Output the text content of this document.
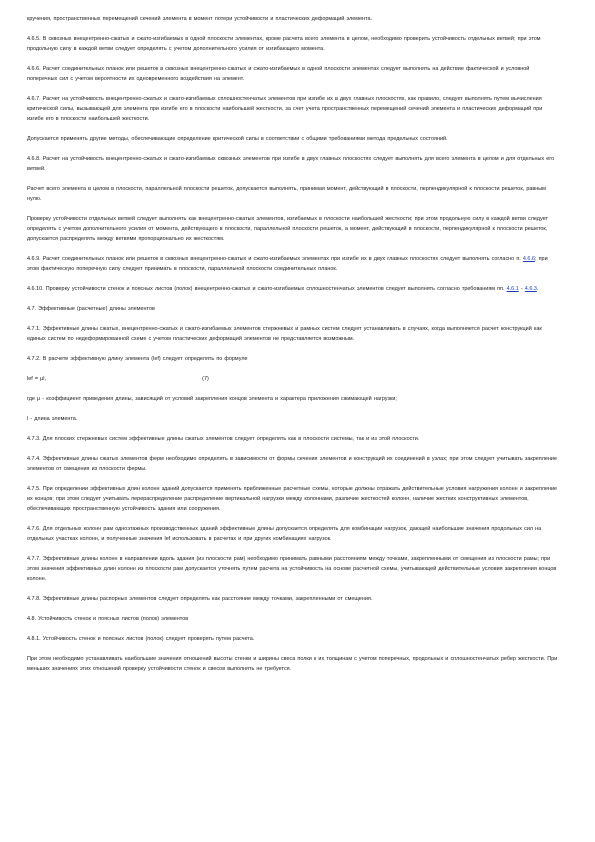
кручения, пространственных перемещений сечений элемента в момент потери устойчивости и пластических деформаций элемента.

4.6.5. В сквозных внецентренно-сжатых и сжато-изгибаемых в одной плоскости элементах, кроме расчета всего элемента в целом, необходимо проверить устойчивость отдельных ветвей; при этом продольную силу в каждой ветви следует определять с учетом дополнительного усилия от изгибающего момента.

4.6.6. Расчет соединительных планок или решеток в сквозных внецентренно-сжатых и сжато-изгибаемых в одной плоскости элементах следует выполнять на действие фактической и условной поперечных сил с учетом вероятности их одновременного воздействия на элемент.

4.6.7. Расчет на устойчивость внецентренно-сжатых и сжато-изгибаемых сплошностенчатых элементов при изгибе их в двух главных плоскостях, как правило, следует выполнять путем вычисления критической силы, вызывающей для элемента при изгибе его в плоскости наибольшей жесткости, за счет учета пространственных перемещений сечений элемента и пластических деформаций при изгибе его в плоскости наибольшей жесткости.

Допускается применять другие методы, обеспечивающие определение критической силы в соответствии с общими требованиями метода предельных состояний.

4.6.8. Расчет на устойчивость внецентренно-сжатых и сжато-изгибаемых сквозных элементов при изгибе в двух главных плоскостях следует выполнять для всего элемента в целом и для отдельных его ветвей.

Расчет всего элемента в целом в плоскости, параллельной плоскости решеток, допускается выполнять, принимая момент, действующий в плоскости, перпендикулярной к плоскости решеток, равным нулю.

Проверку устойчивости отдельных ветвей следует выполнять как внецентренно-сжатых элементов, изгибаемых в плоскости наибольшей жесткости; при этом продольную силу в каждой ветви следует определять с учетом дополнительного усилия от момента, действующего в плоскости, параллельной плоскости решеток, а момент, действующий в плоскости, перпендикулярной к плоскости решеток, допускается распределять между ветвями пропорционально их жесткостям.

4.6.9. Расчет соединительных планок или решеток в сквозных внецентренно-сжатых и сжато-изгибаемых элементах при изгибе их в двух главных плоскостях следует выполнять согласно п. 4.6.6; при этом фактическую поперечную силу следует принимать в плоскости, параллельной плоскости соединительных планок.

4.6.10. Проверку устойчивости стенок и поясных листов (полок) внецентренно-сжатых и сжато-изгибаемых сплошностенчатых элементов следует выполнять согласно требованиям пп. 4.6.1 - 4.6.3.

4.7. Эффективные (расчетные) длины элементов

4.7.1. Эффективные длины сжатых, внецентренно-сжатых и сжато-изгибаемых элементов стержневых и рамных систем следует устанавливать в случаях, когда выполняется расчет конструкций как единых систем по недеформированной схеме с учетом пластических деформаций элементов не представляется возможным.

4.7.2. В расчете эффективную длину элемента (lef) следует определять по формуле

lef = μl,                                                                          (7)

где μ - коэффициент приведения длины, зависящий от условий закрепления концов элемента и характера приложения сжимающей нагрузки;

l - длина элемента.

4.7.3. Для плоских стержневых систем эффективные длины сжатых элементов следует определять как в плоскости системы, так и из этой плоскости.

4.7.4. Эффективные длины сжатых элементов ферм необходимо определять в зависимости от формы сечения элементов и конструкций их соединений в узлах; при этом следует учитывать закрепление элементов от смещения из плоскости фермы.

4.7.5. При определении эффективных длин колонн зданий допускается применять приближенные расчетные схемы, которые должны отражать действительные условия нагружения колонн и закрепление их концов; при этом следует учитывать перераспределение распределение вертикальной нагрузки между колоннами, различие жесткостей колонн, наличие жестких конструктивных элементов, обеспечивающих пространственную устойчивость здания или сооружения.

4.7.6. Для отдельных колонн рам одноэтажных производственных зданий эффективные длины допускается определять для комбинации нагрузок, дающей наибольшие значения продольных сил на отдельных участках колонн, и полученные значения lef использовать в расчетах и при других комбинациях нагрузок.

4.7.7. Эффективные длины колонн в направлении вдоль здания (из плоскости рам) необходимо принимать равными расстояниям между точками, закрепленными от смещения из плоскости рамы; при этом значения эффективных длин колонн из плоскости рам допускается уточнять путем расчета на устойчивость на основе расчетной схемы, учитывающей действительные условия закрепления концов колонн.

4.7.8. Эффективные длины распорных элементов следует определять как расстояние между точками, закрепленными от смещения.

4.8. Устойчивость стенок и поясных листов (полок) элементов

4.8.1. Устойчивость стенок и поясных листов (полок) следует проверять путем расчета.

При этом необходимо устанавливать наибольшие значения отношений высоты стенки и ширины свеса полки к их толщинам с учетом поперечных, продольных и сплошностенчатых ребер жесткости. При меньших значениях этих отношений проверку устойчивости стенок и свесов выполнять не требуется.
